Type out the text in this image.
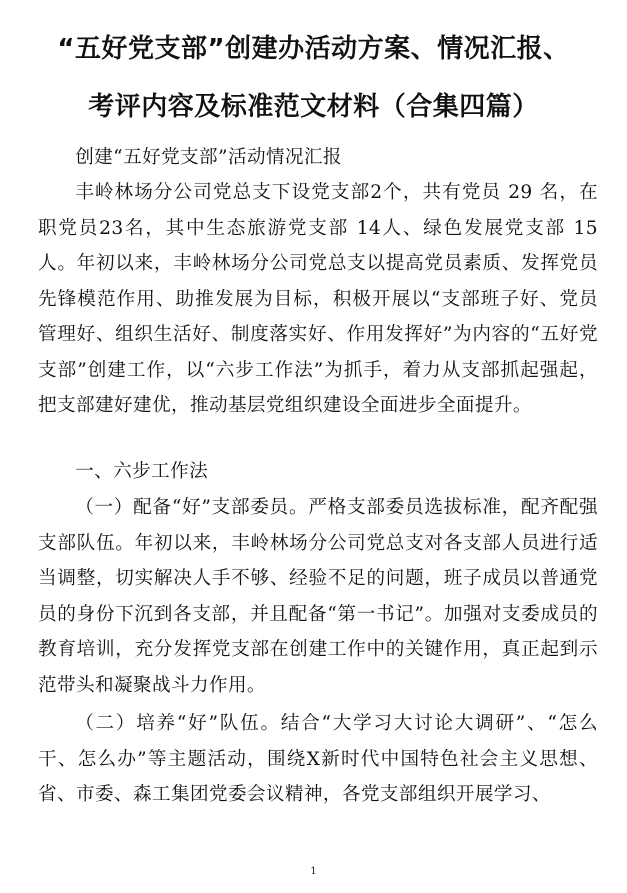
“五好党支部”创建办活动方案、情况汇报、
考评内容及标准范文材料（合集四篇）

创建“五好党支部”活动情况汇报

丰岭林场分公司党总支下设党支部2个，共有党员 29 名，在职党员23名，其中生态旅游党支部 14人、绿色发展党支部 15 人。年初以来，丰岭林场分公司党总支以提高党员素质、发挥党员先锋模范作用、助推发展为目标，积极开展以“支部班子好、党员管理好、组织生活好、制度落实好、作用发挥好”为内容的“五好党支部”创建工作，以“六步工作法”为抓手，着力从支部抓起强起，把支部建好建优，推动基层党组织建设全面进步全面提升。

一、六步工作法

（一）配备“好”支部委员。严格支部委员选拔标准，配齐配强支部队伍。年初以来，丰岭林场分公司党总支对各支部人员进行适当调整，切实解决人手不够、经验不足的问题，班子成员以普通党员的身份下沉到各支部，并且配备“第一书记”。加强对支委成员的教育培训，充分发挥党支部在创建工作中的关键作用，真正起到示范带头和凝聚战斗力作用。

（二）培养“好”队伍。结合“大学习大讨论大调研”、“怎么干、怎么办”等主题活动，围绕X新时代中国特色社会主义思想、省、市委、森工集团党委会议精神，各党支部组织开展学习、

1
